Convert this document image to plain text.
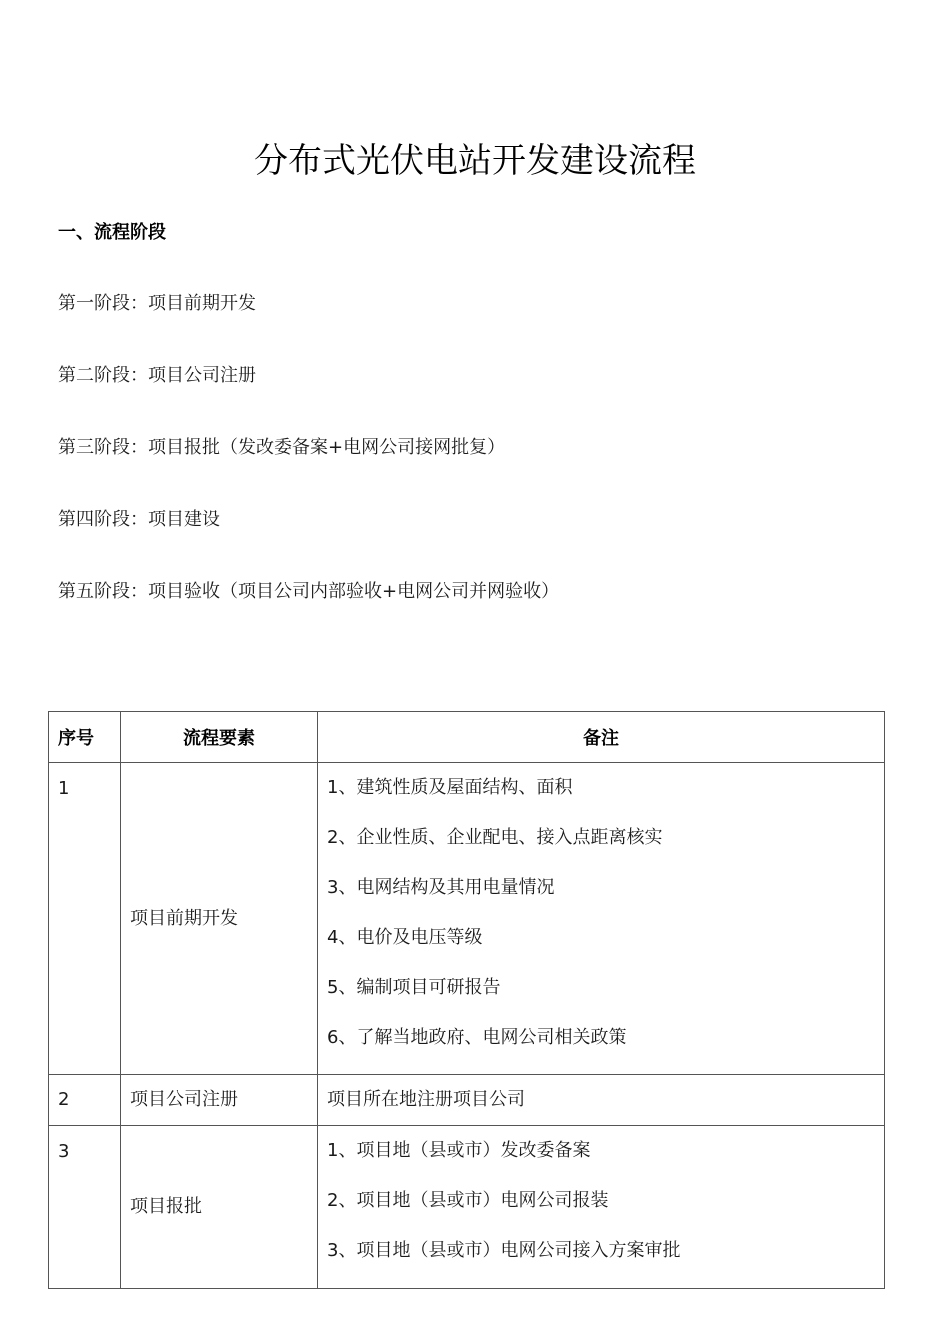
分布式光伏电站开发建设流程
一、流程阶段
第一阶段：项目前期开发
第二阶段：项目公司注册
第三阶段：项目报批（发改委备案+电网公司接网批复）
第四阶段：项目建设
第五阶段：项目验收（项目公司内部验收+电网公司并网验收）
序号	流程要素	备注
1	项目前期开发	
1、建筑性质及屋面结构、面积
2、企业性质、企业配电、接入点距离核实
3、电网结构及其用电量情况
4、电价及电压等级
5、编制项目可研报告
6、了解当地政府、电网公司相关政策

2	项目公司注册	项目所在地注册项目公司

3	项目报批	1、项目地（县或市）发改委备案
2、项目地（县或市）电网公司报装
3、项目地（县或市）电网公司接入方案审批
